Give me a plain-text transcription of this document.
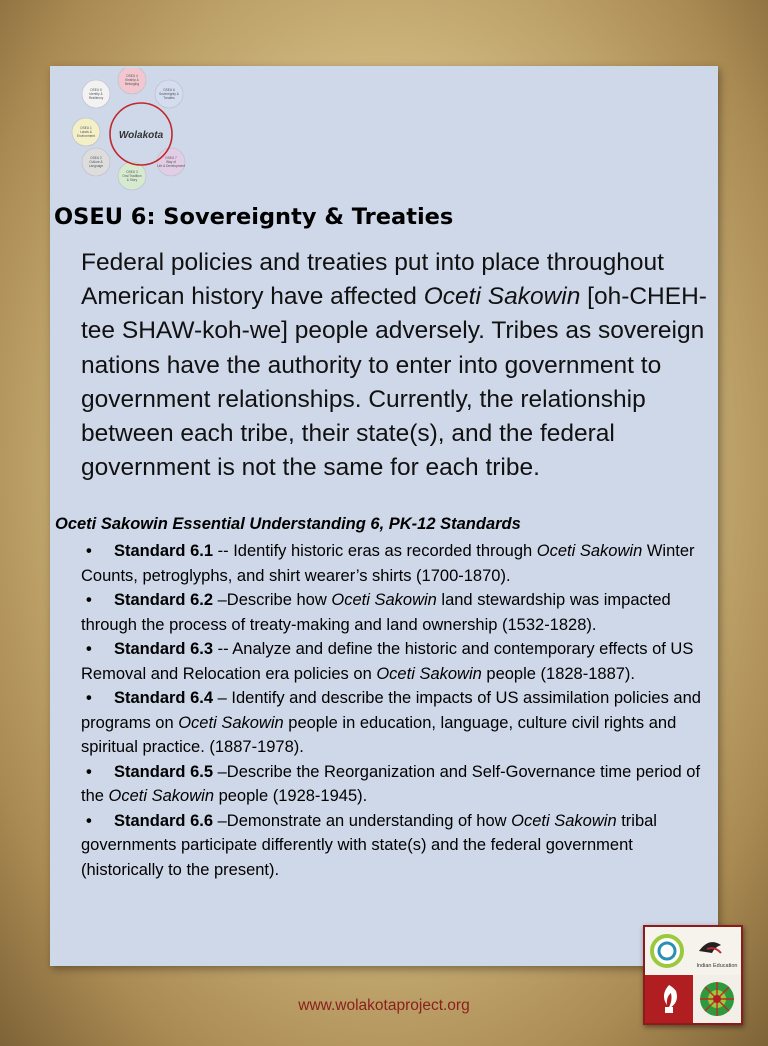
OSEU 4 Kinship & Belonging
OSEU 6 Sovereignty & Treaties
OSEU 7 Way of Life & Development
OSEU 3 Oral Tradition & Story
OSEU 2 Culture & Language
OSEU 1 Lands & Environment
OSEU 5 Identity & Resiliency
Wolakota
OSEU 6: Sovereignty & Treaties

Federal policies and treaties put into place throughout American history have affected Oceti Sakowin [oh-CHEH-tee SHAW-koh-we] people adversely. Tribes as sovereign nations have the authority to enter into government to government relationships. Currently, the relationship between each tribe, their state(s), and the federal government is not the same for each tribe.

Oceti Sakowin Essential Understanding 6, PK-12 Standards

• Standard 6.1 -- Identify historic eras as recorded through Oceti Sakowin Winter Counts, petroglyphs, and shirt wearer’s shirts (1700-1870).
• Standard 6.2 –Describe how Oceti Sakowin land stewardship was impacted through the process of treaty-making and land ownership (1532-1828).
• Standard 6.3 -- Analyze and define the historic and contemporary effects of US Removal and Relocation era policies on Oceti Sakowin people (1828-1887).
• Standard 6.4 – Identify and describe the impacts of US assimilation policies and programs on Oceti Sakowin people in education, language, culture civil rights and spiritual practice. (1887-1978).
• Standard 6.5 –Describe the Reorganization and Self-Governance time period of the Oceti Sakowin people (1928-1945).
• Standard 6.6 –Demonstrate an understanding of how Oceti Sakowin tribal governments participate differently with state(s) and the federal government (historically to the present).
Indian Education
www.wolakotaproject.org
